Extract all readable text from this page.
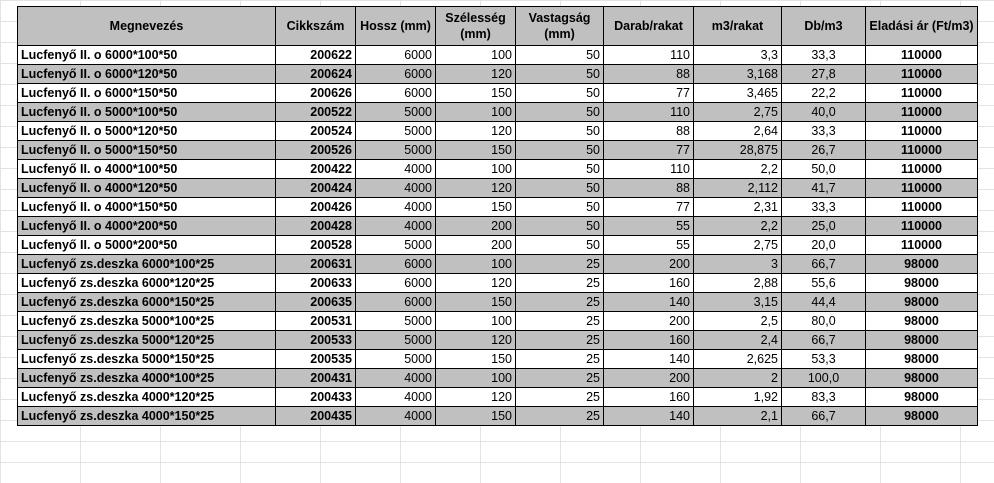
Megnevezés	Cikkszám	Hossz (mm)	Szélesség (mm)	Vastagság (mm)	Darab/rakat	m3/rakat	Db/m3	Eladási ár (Ft/m3)
Lucfenyő II. o 6000*100*50	200622	6000	100	50	110	3,3	33,3	110000
Lucfenyő II. o 6000*120*50	200624	6000	120	50	88	3,168	27,8	110000
Lucfenyő II. o 6000*150*50	200626	6000	150	50	77	3,465	22,2	110000
Lucfenyő II. o 5000*100*50	200522	5000	100	50	110	2,75	40,0	110000
Lucfenyő II. o 5000*120*50	200524	5000	120	50	88	2,64	33,3	110000
Lucfenyő II. o 5000*150*50	200526	5000	150	50	77	28,875	26,7	110000
Lucfenyő II. o 4000*100*50	200422	4000	100	50	110	2,2	50,0	110000
Lucfenyő II. o 4000*120*50	200424	4000	120	50	88	2,112	41,7	110000
Lucfenyő II. o 4000*150*50	200426	4000	150	50	77	2,31	33,3	110000
Lucfenyő II. o 4000*200*50	200428	4000	200	50	55	2,2	25,0	110000
Lucfenyő II. o 5000*200*50	200528	5000	200	50	55	2,75	20,0	110000
Lucfenyő zs.deszka 6000*100*25	200631	6000	100	25	200	3	66,7	98000
Lucfenyő zs.deszka 6000*120*25	200633	6000	120	25	160	2,88	55,6	98000
Lucfenyő zs.deszka 6000*150*25	200635	6000	150	25	140	3,15	44,4	98000
Lucfenyő zs.deszka 5000*100*25	200531	5000	100	25	200	2,5	80,0	98000
Lucfenyő zs.deszka 5000*120*25	200533	5000	120	25	160	2,4	66,7	98000
Lucfenyő zs.deszka 5000*150*25	200535	5000	150	25	140	2,625	53,3	98000
Lucfenyő zs.deszka 4000*100*25	200431	4000	100	25	200	2	100,0	98000
Lucfenyő zs.deszka 4000*120*25	200433	4000	120	25	160	1,92	83,3	98000
Lucfenyő zs.deszka 4000*150*25	200435	4000	150	25	140	2,1	66,7	98000
